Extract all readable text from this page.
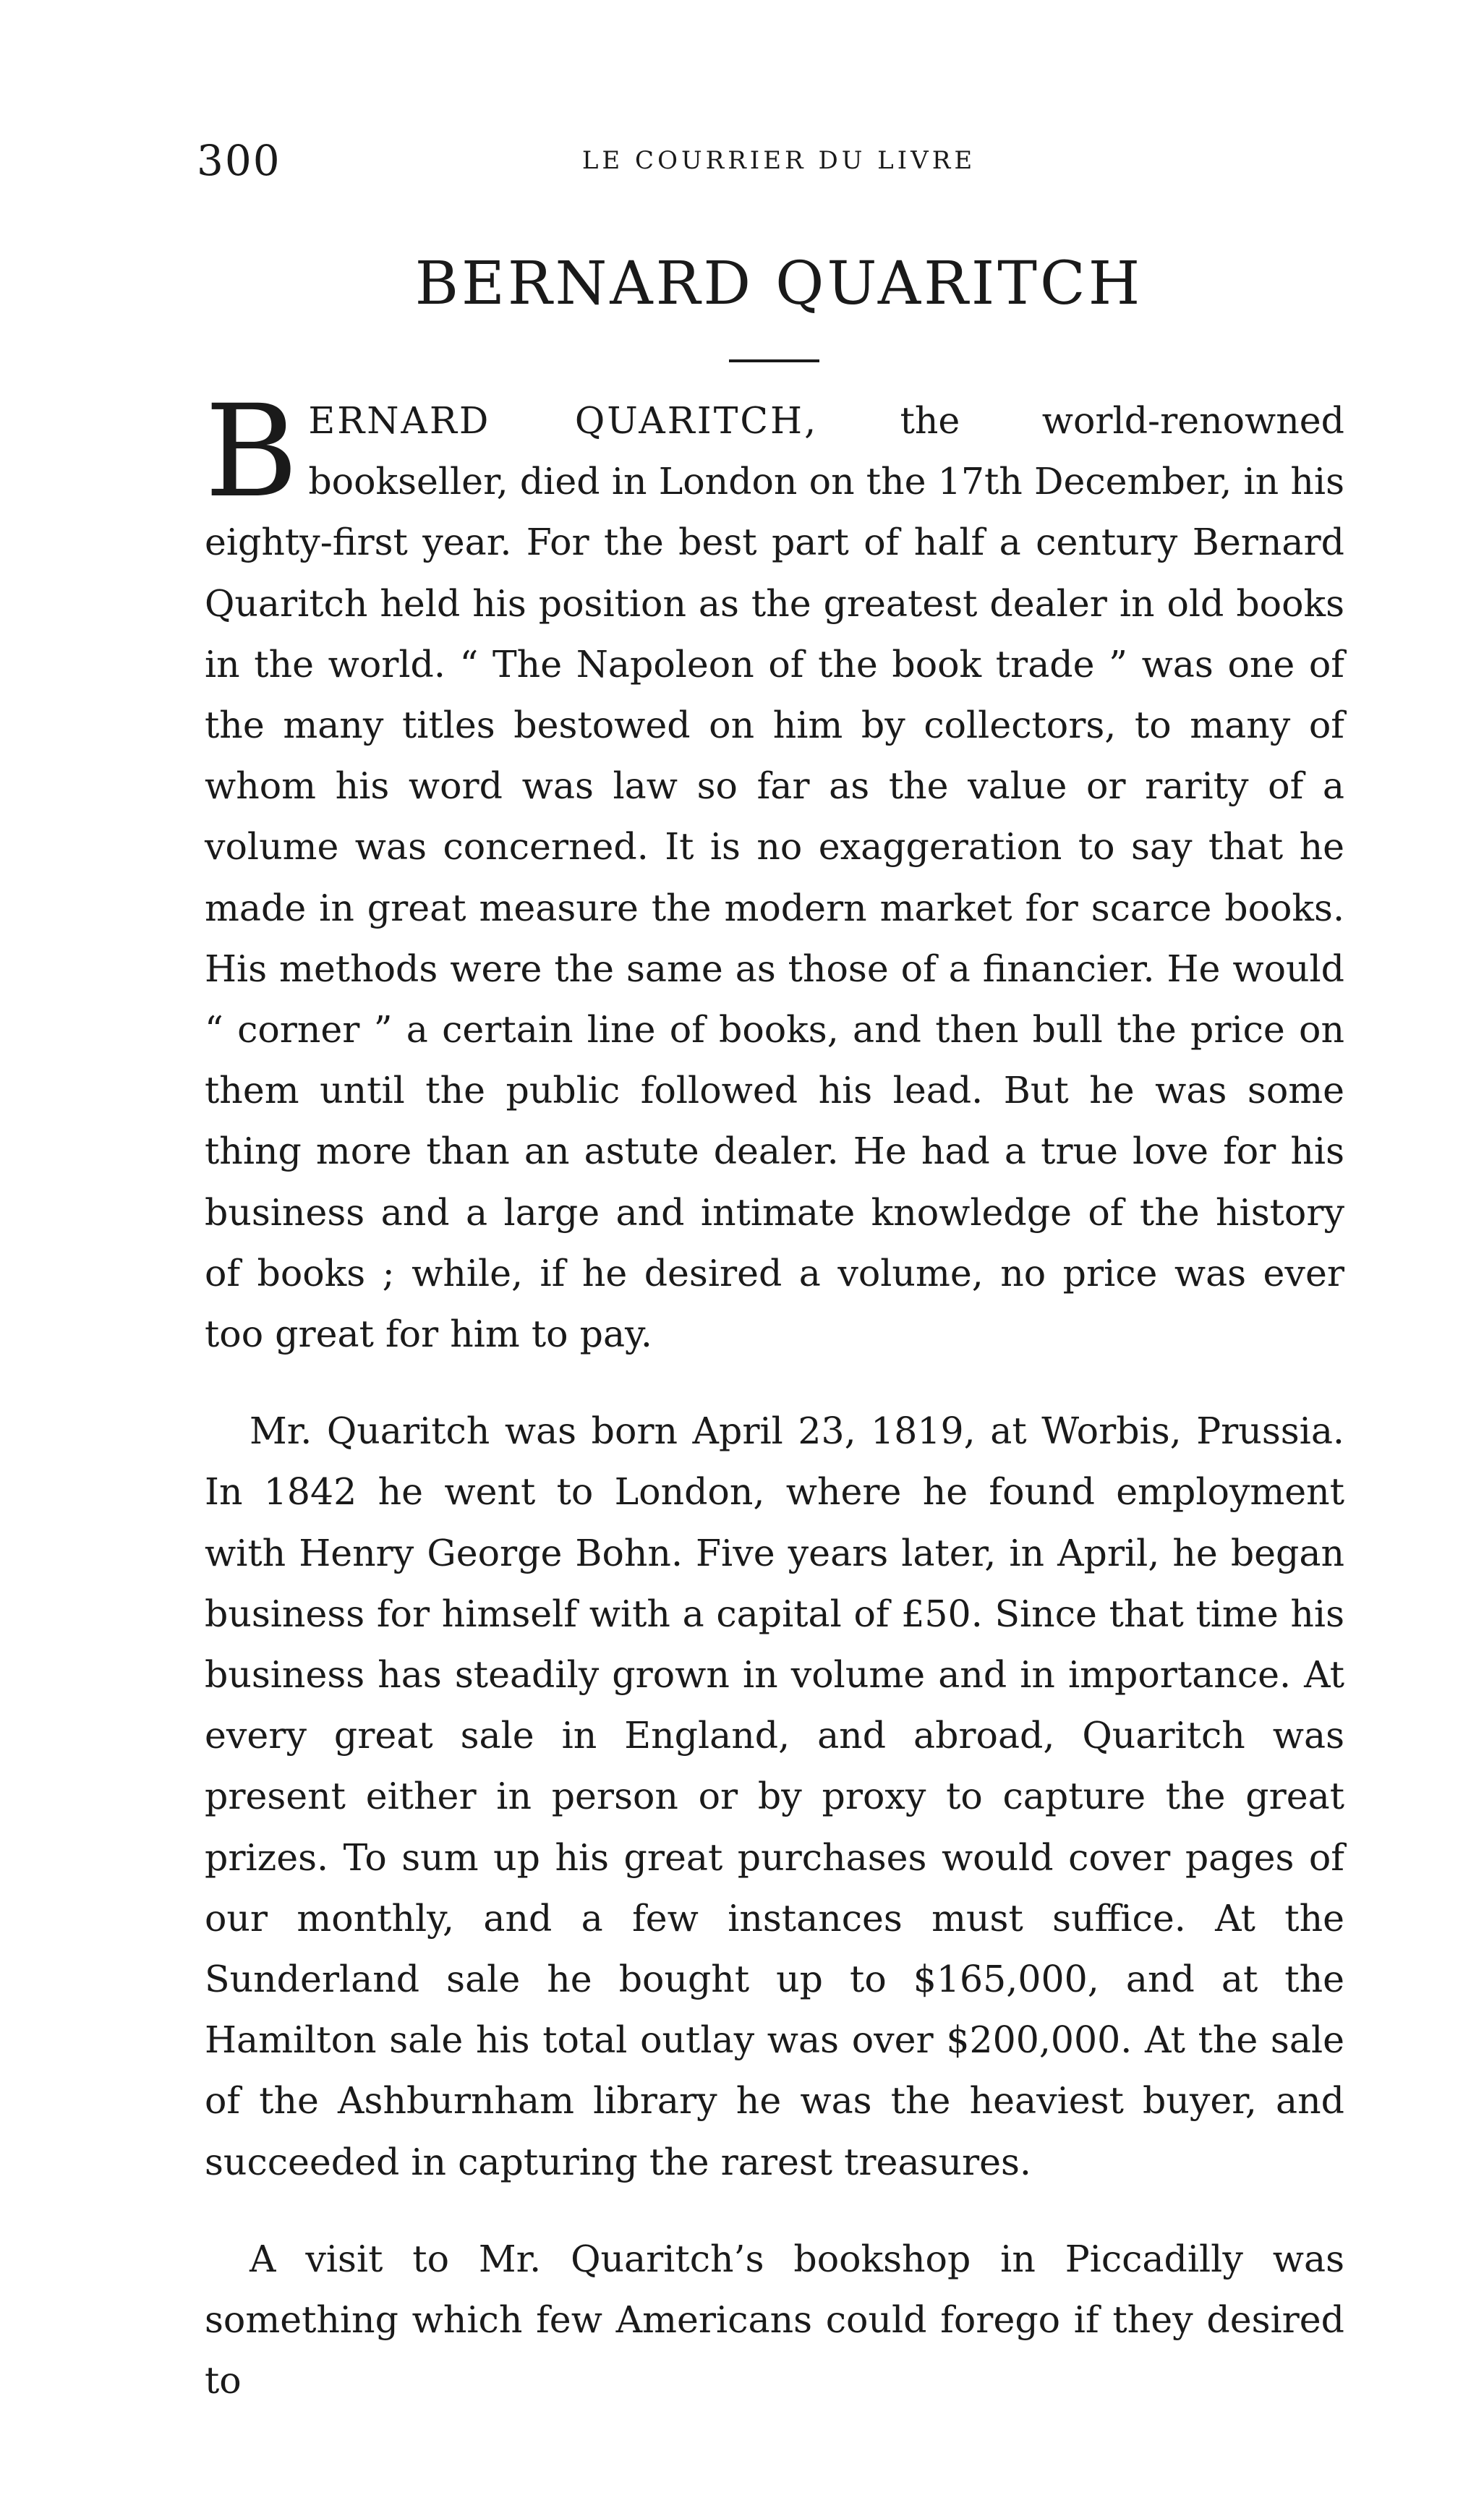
300	LE COURRIER DU LIVRE
BERNARD QUARITCH

BERNARD QUARITCH, the world-renowned bookseller, died in London on the 17th December, in his eighty-first year. For the best part of half a century Bernard Quaritch held his position as the greatest dealer in old books in the world. “ The Napoleon of the book trade ” was one of the many titles bestowed on him by collectors, to many of whom his word was law so far as the value or rarity of a volume was concerned. It is no exaggeration to say that he made in great measure the modern market for scarce books. His methods were the same as those of a financier. He would “ corner ” a certain line of books, and then bull the price on them until the public followed his lead. But he was some thing more than an astute dealer. He had a true love for his business and a large and intimate knowledge of the history of books ; while, if he desired a volume, no price was ever too great for him to pay.

Mr. Quaritch was born April 23, 1819, at Worbis, Prussia. In 1842 he went to London, where he found employment with Henry George Bohn. Five years later, in April, he began business for himself with a capital of £50. Since that time his business has steadily grown in volume and in importance. At every great sale in England, and abroad, Quaritch was present either in person or by proxy to capture the great prizes. To sum up his great purchases would cover pages of our monthly, and a few instances must suffice. At the Sunderland sale he bought up to $165,000, and at the Hamilton sale his total outlay was over $200,000. At the sale of the Ashburnham library he was the heaviest buyer, and succeeded in capturing the rarest treasures.

A visit to Mr. Quaritch’s bookshop in Piccadilly was something which few Americans could forego if they desired to
